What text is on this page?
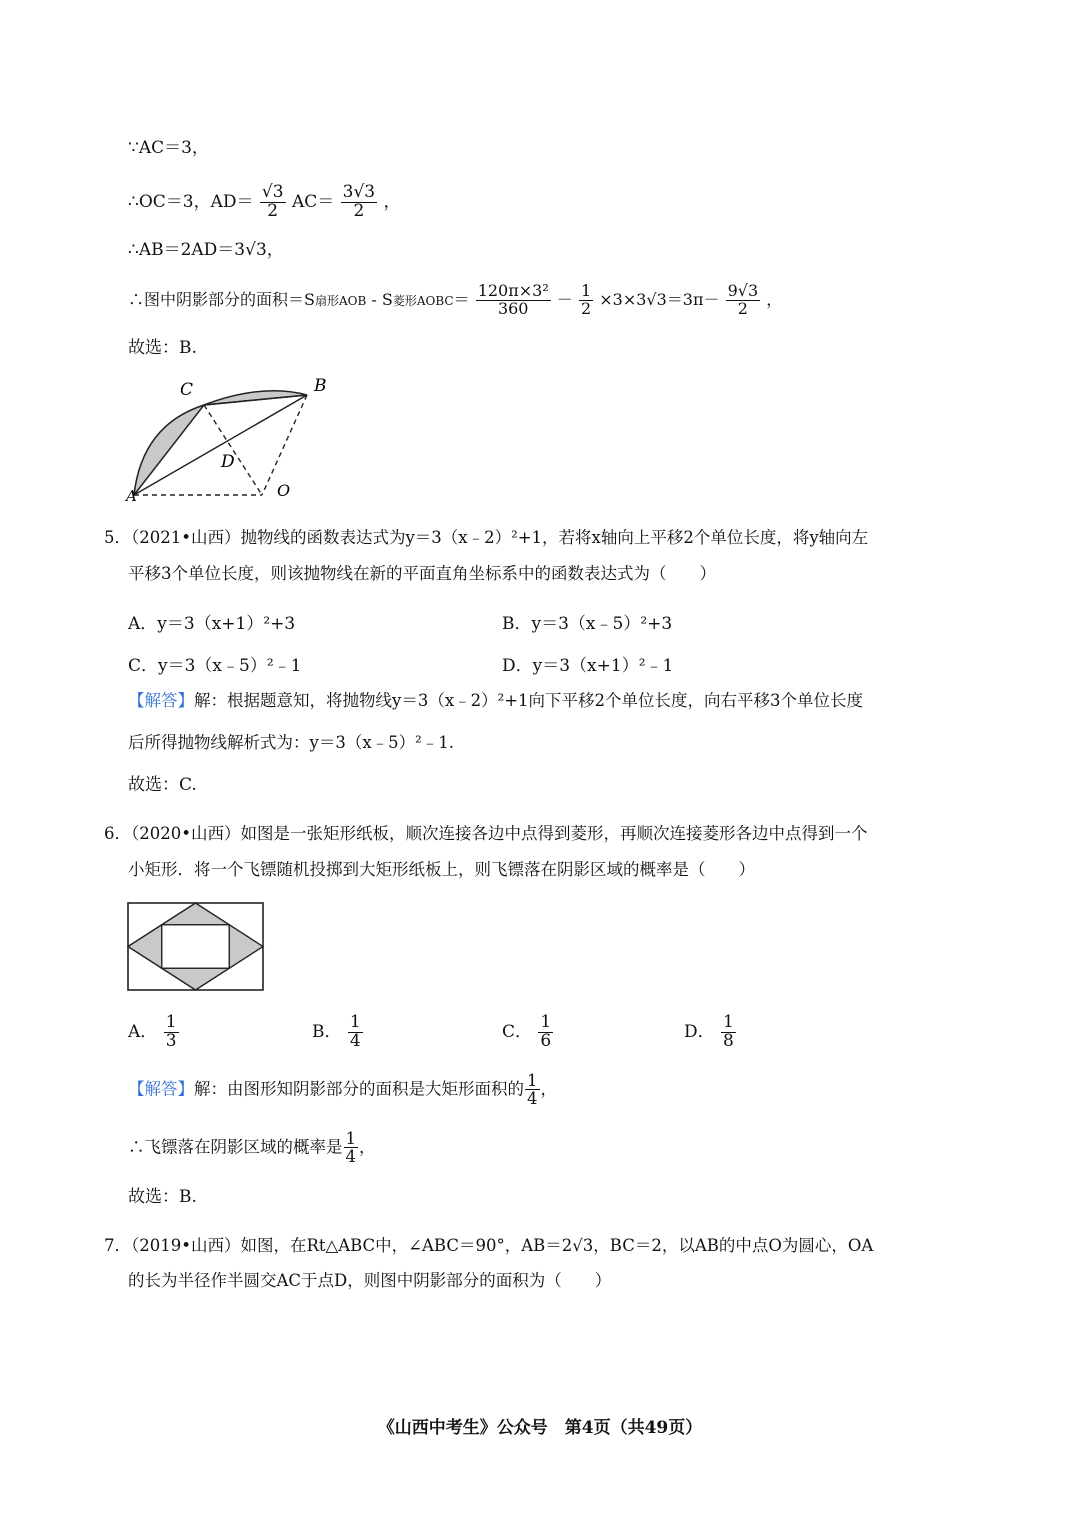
∵AC＝3，
∴OC＝3，$AD= \frac{√3}{2} AC= \frac{3√3}{2}$ ，
∴AB＝2AD＝3√3，
∴图中阴影部分的面积＝S扇形AOB - S菱形AOBC＝ $\frac{\text{120π×3²}}{360} - \frac{1}{2} \times 3\times 3√3=3\pi- \frac{9√3}{2}$ ，
故选：B.
C	B
D
A	O
5．（2021•山西）抛物线的函数表达式为y＝3（x﹣2）²+1，若将x轴向上平移2个单位长度，将y轴向左
平移3个单位长度，则该抛物线在新的平面直角坐标系中的函数表达式为（　　）
A．y＝3（x+1）²+3	B．y＝3（x﹣5）²+3
C．y＝3（x﹣5）²﹣1	D．y＝3（x+1）²﹣1
【解答】解：根据题意知，将抛物线y＝3（x﹣2）²+1向下平移2个单位长度，向右平移3个单位长度
后所得抛物线解析式为：y＝3（x﹣5）²﹣1.
故选：C.
6．（2020•山西）如图是一张矩形纸板，顺次连接各边中点得到菱形，再顺次连接菱形各边中点得到一个
小矩形．将一个飞镖随机投掷到大矩形纸板上，则飞镖落在阴影区域的概率是（　　）
A． $\frac{1}{3}$	B． $\frac{1}{4}$	C． $\frac{1}{6}$	D． $\frac{1}{8}$
【解答】解：由图形知阴影部分的面积是大矩形面积的 $\frac{1}{4}$ ，
∴飞镖落在阴影区域的概率是 $\frac{1}{4}$ ，
故选：B.
7．（2019•山西）如图，在Rt△ABC中，∠ABC＝90°，AB＝2√3，BC＝2，以AB的中点O为圆心，OA
的长为半径作半圆交AC于点D，则图中阴影部分的面积为（　　）
《山西中考生》公众号　第4页（共49页）
